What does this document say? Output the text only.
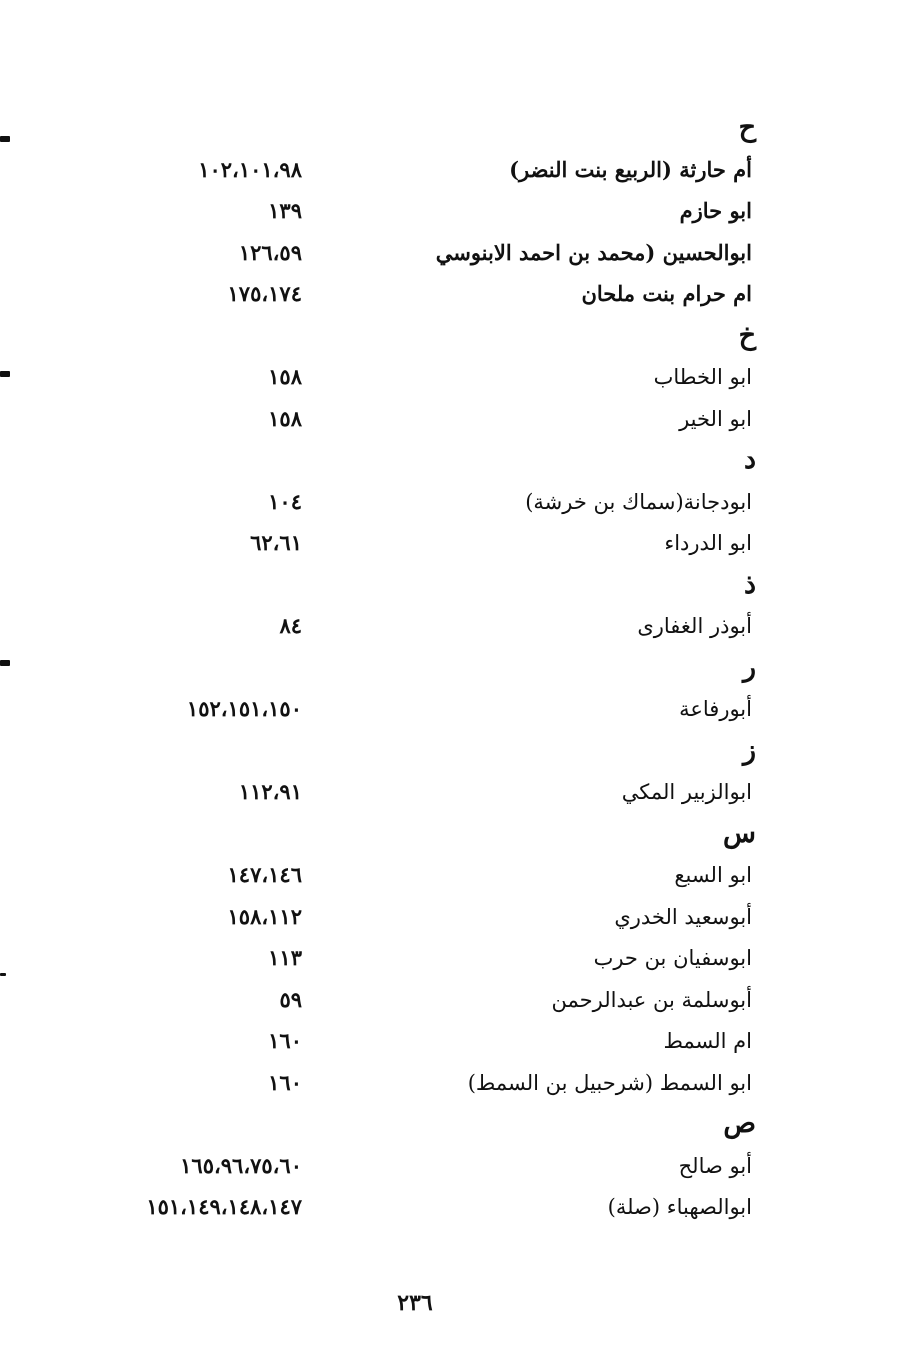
ح
أم حارثة (الربيع بنت النضر)
١٠٢،١٠١،٩٨
ابو حازم
١٣٩
ابوالحسين (محمد بن احمد الابنوسي
١٢٦،٥٩
ام حرام بنت ملحان
١٧٥،١٧٤
خ
ابو الخطاب
١٥٨
ابو الخير
١٥٨
د
ابودجانة(سماك بن خرشة)
١٠٤
ابو الدرداء
٦٢،٦١
ذ
أبوذر الغفارى
٨٤
ر
أبورفاعة
١٥٢،١٥١،١٥٠
ز
ابوالزبير المكي
١١٢،٩١
س
ابو السبع
١٤٧،١٤٦
أبوسعيد الخدري
١٥٨،١١٢
ابوسفيان بن حرب
١١٣
أبوسلمة بن عبدالرحمن
٥٩
ام السمط
١٦٠
ابو السمط (شرحبيل بن السمط)
١٦٠
ص
أبو صالح
١٦٥،٩٦،٧٥،٦٠
ابوالصهباء (صلة)
١٥١،١٤٩،١٤٨،١٤٧
٢٣٦
